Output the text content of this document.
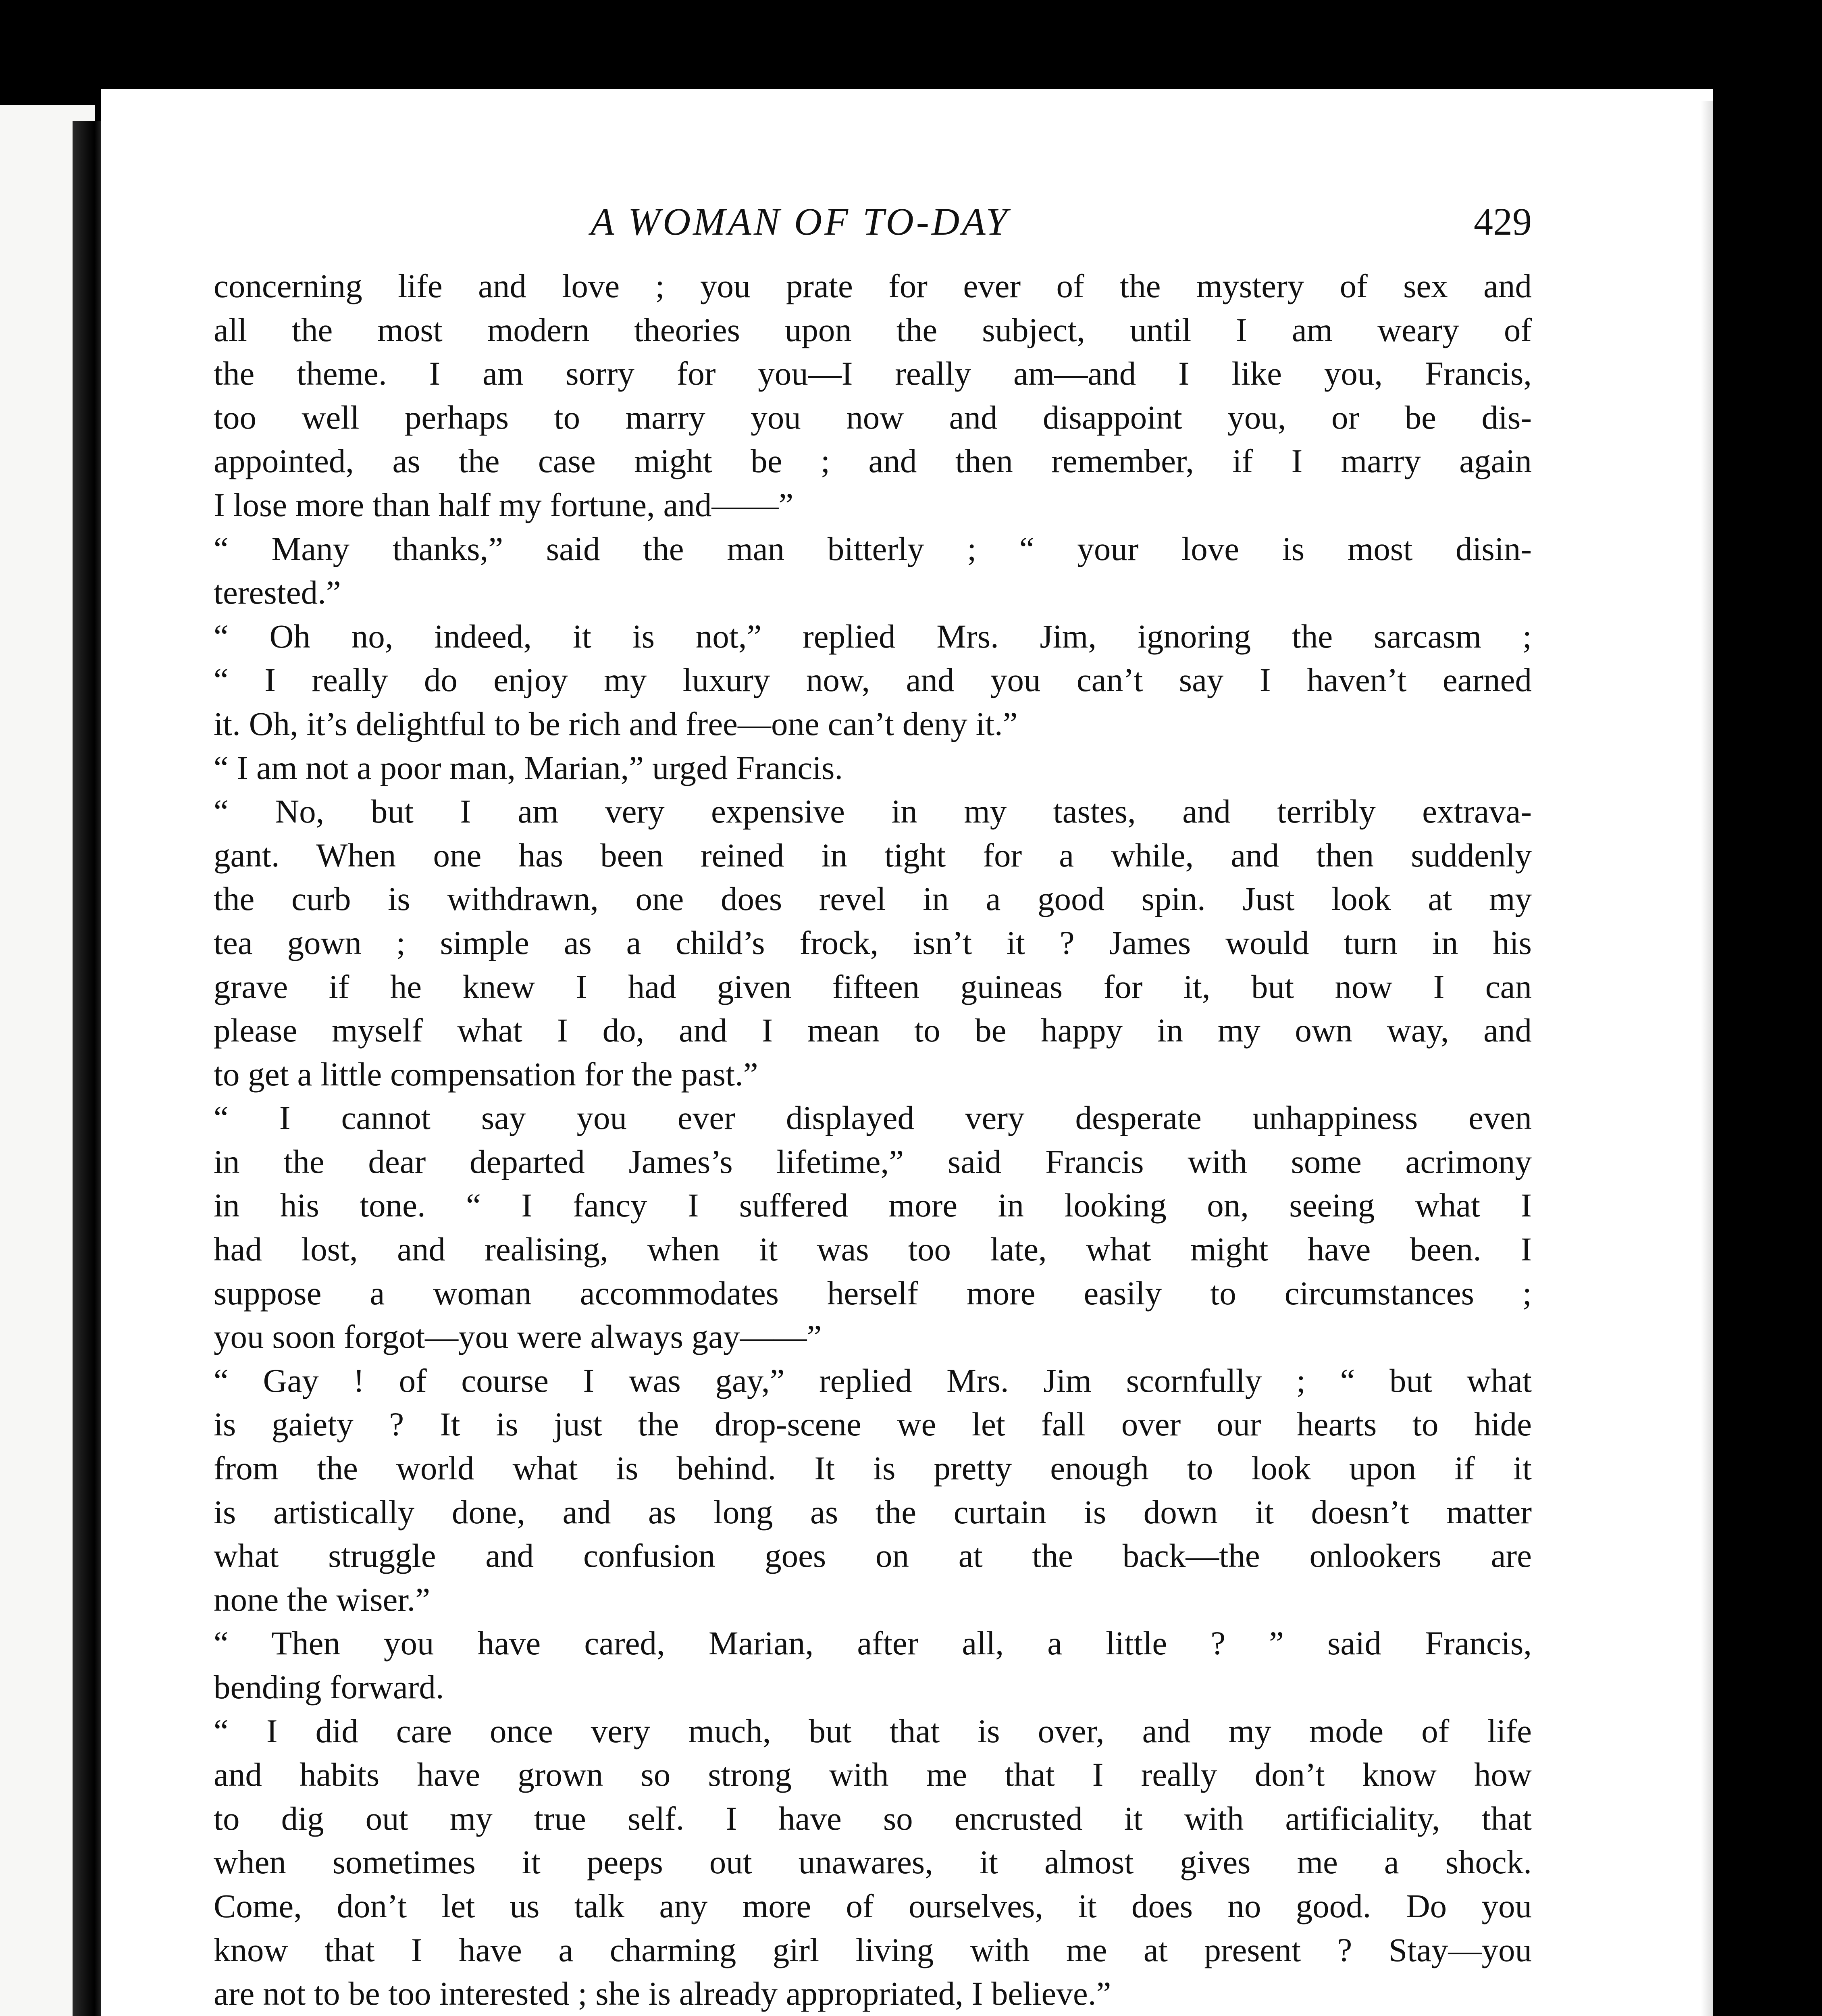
A WOMAN OF TO-DAY	429
concerning life and love ; you prate for ever of the mystery of sex and
all the most modern theories upon the subject, until I am weary of
the theme. I am sorry for you—I really am—and I like you, Francis,
too well perhaps to marry you now and disappoint you, or be dis-
appointed, as the case might be ; and then remember, if I marry again
I lose more than half my fortune, and——”
“ Many thanks,” said the man bitterly ; “ your love is most disin-
terested.”
“ Oh no, indeed, it is not,” replied Mrs. Jim, ignoring the sarcasm ;
“ I really do enjoy my luxury now, and you can’t say I haven’t earned
it. Oh, it’s delightful to be rich and free—one can’t deny it.”
“ I am not a poor man, Marian,” urged Francis.
“ No, but I am very expensive in my tastes, and terribly extrava-
gant. When one has been reined in tight for a while, and then suddenly
the curb is withdrawn, one does revel in a good spin. Just look at my
tea gown ; simple as a child’s frock, isn’t it ? James would turn in his
grave if he knew I had given fifteen guineas for it, but now I can
please myself what I do, and I mean to be happy in my own way, and
to get a little compensation for the past.”
“ I cannot say you ever displayed very desperate unhappiness even
in the dear departed James’s lifetime,” said Francis with some acrimony
in his tone. “ I fancy I suffered more in looking on, seeing what I
had lost, and realising, when it was too late, what might have been. I
suppose a woman accommodates herself more easily to circumstances ;
you soon forgot—you were always gay——”
“ Gay ! of course I was gay,” replied Mrs. Jim scornfully ; “ but what
is gaiety ? It is just the drop-scene we let fall over our hearts to hide
from the world what is behind. It is pretty enough to look upon if it
is artistically done, and as long as the curtain is down it doesn’t matter
what struggle and confusion goes on at the back—the onlookers are
none the wiser.”
“ Then you have cared, Marian, after all, a little ? ” said Francis,
bending forward.
“ I did care once very much, but that is over, and my mode of life
and habits have grown so strong with me that I really don’t know how
to dig out my true self. I have so encrusted it with artificiality, that
when sometimes it peeps out unawares, it almost gives me a shock.
Come, don’t let us talk any more of ourselves, it does no good. Do you
know that I have a charming girl living with me at present ? Stay—you
are not to be too interested ; she is already appropriated, I believe.”
